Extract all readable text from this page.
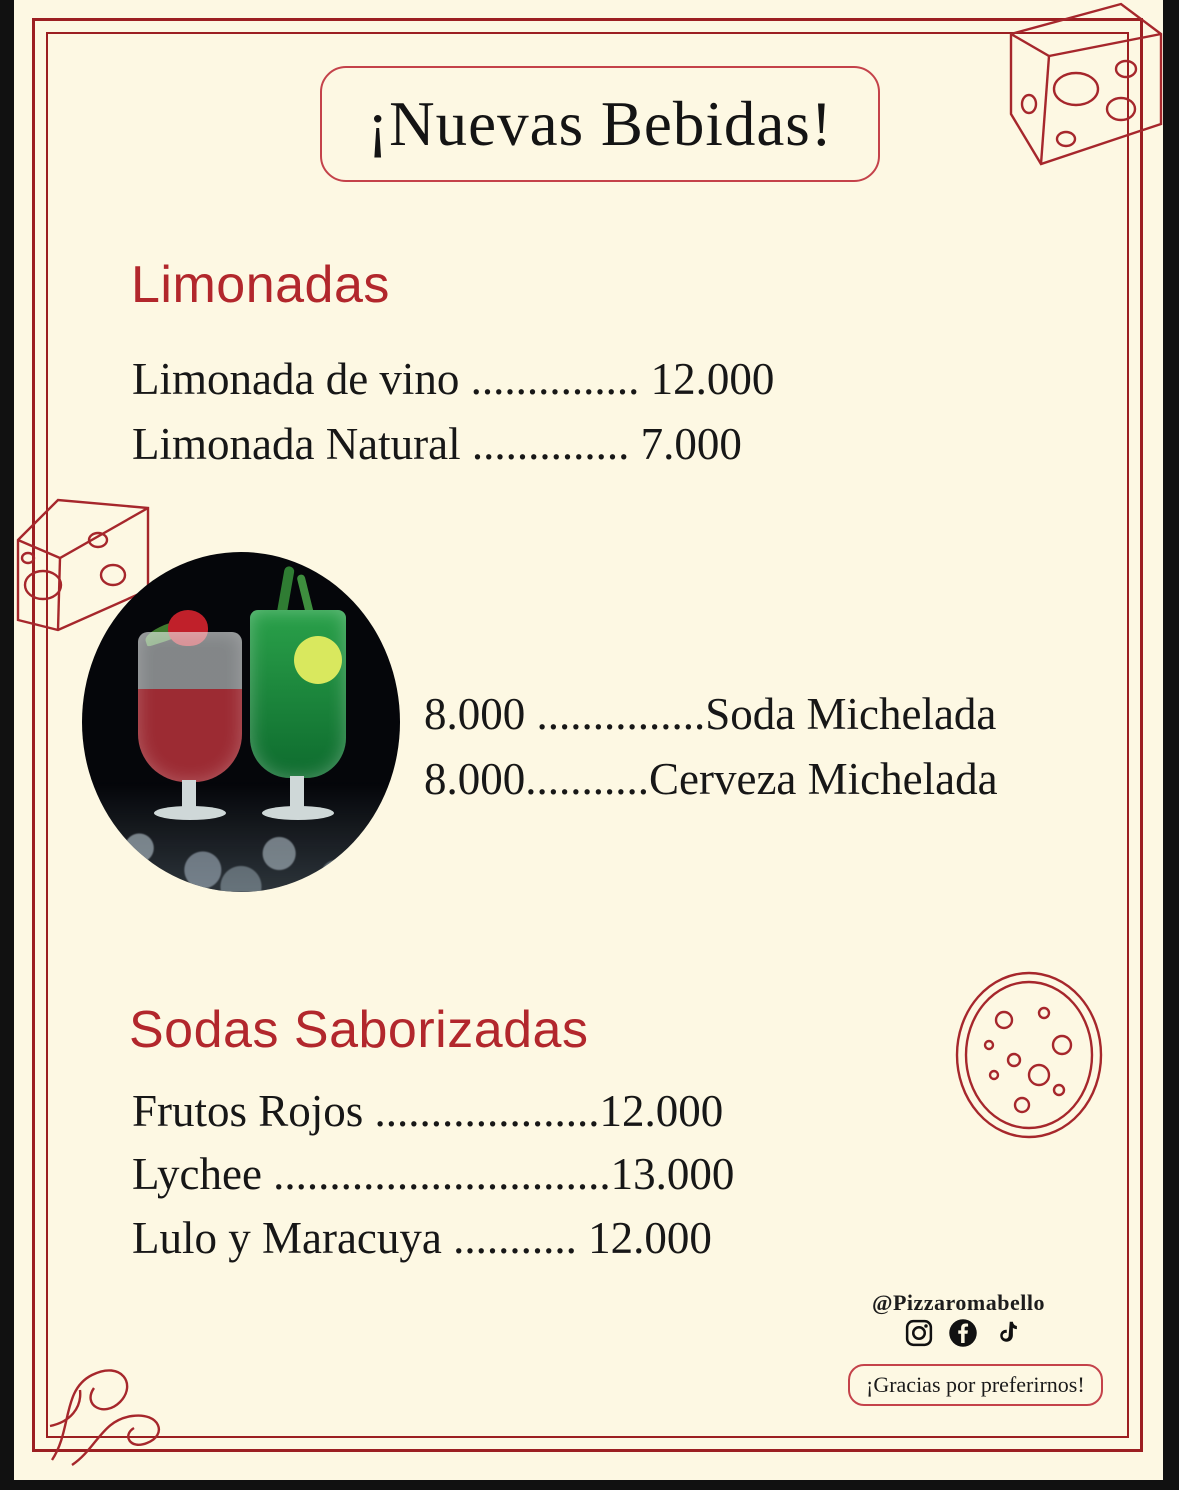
¡Nuevas Bebidas!
Limonadas
Limonada de vino ............... 12.000
Limonada Natural .............. 7.000
8.000 ...............Soda Michelada
8.000...........Cerveza Michelada
Sodas Saborizadas
Frutos Rojos ....................12.000
Lychee ..............................13.000
Lulo y Maracuya ........... 12.000
@Pizzaromabello
¡Gracias por preferirnos!
